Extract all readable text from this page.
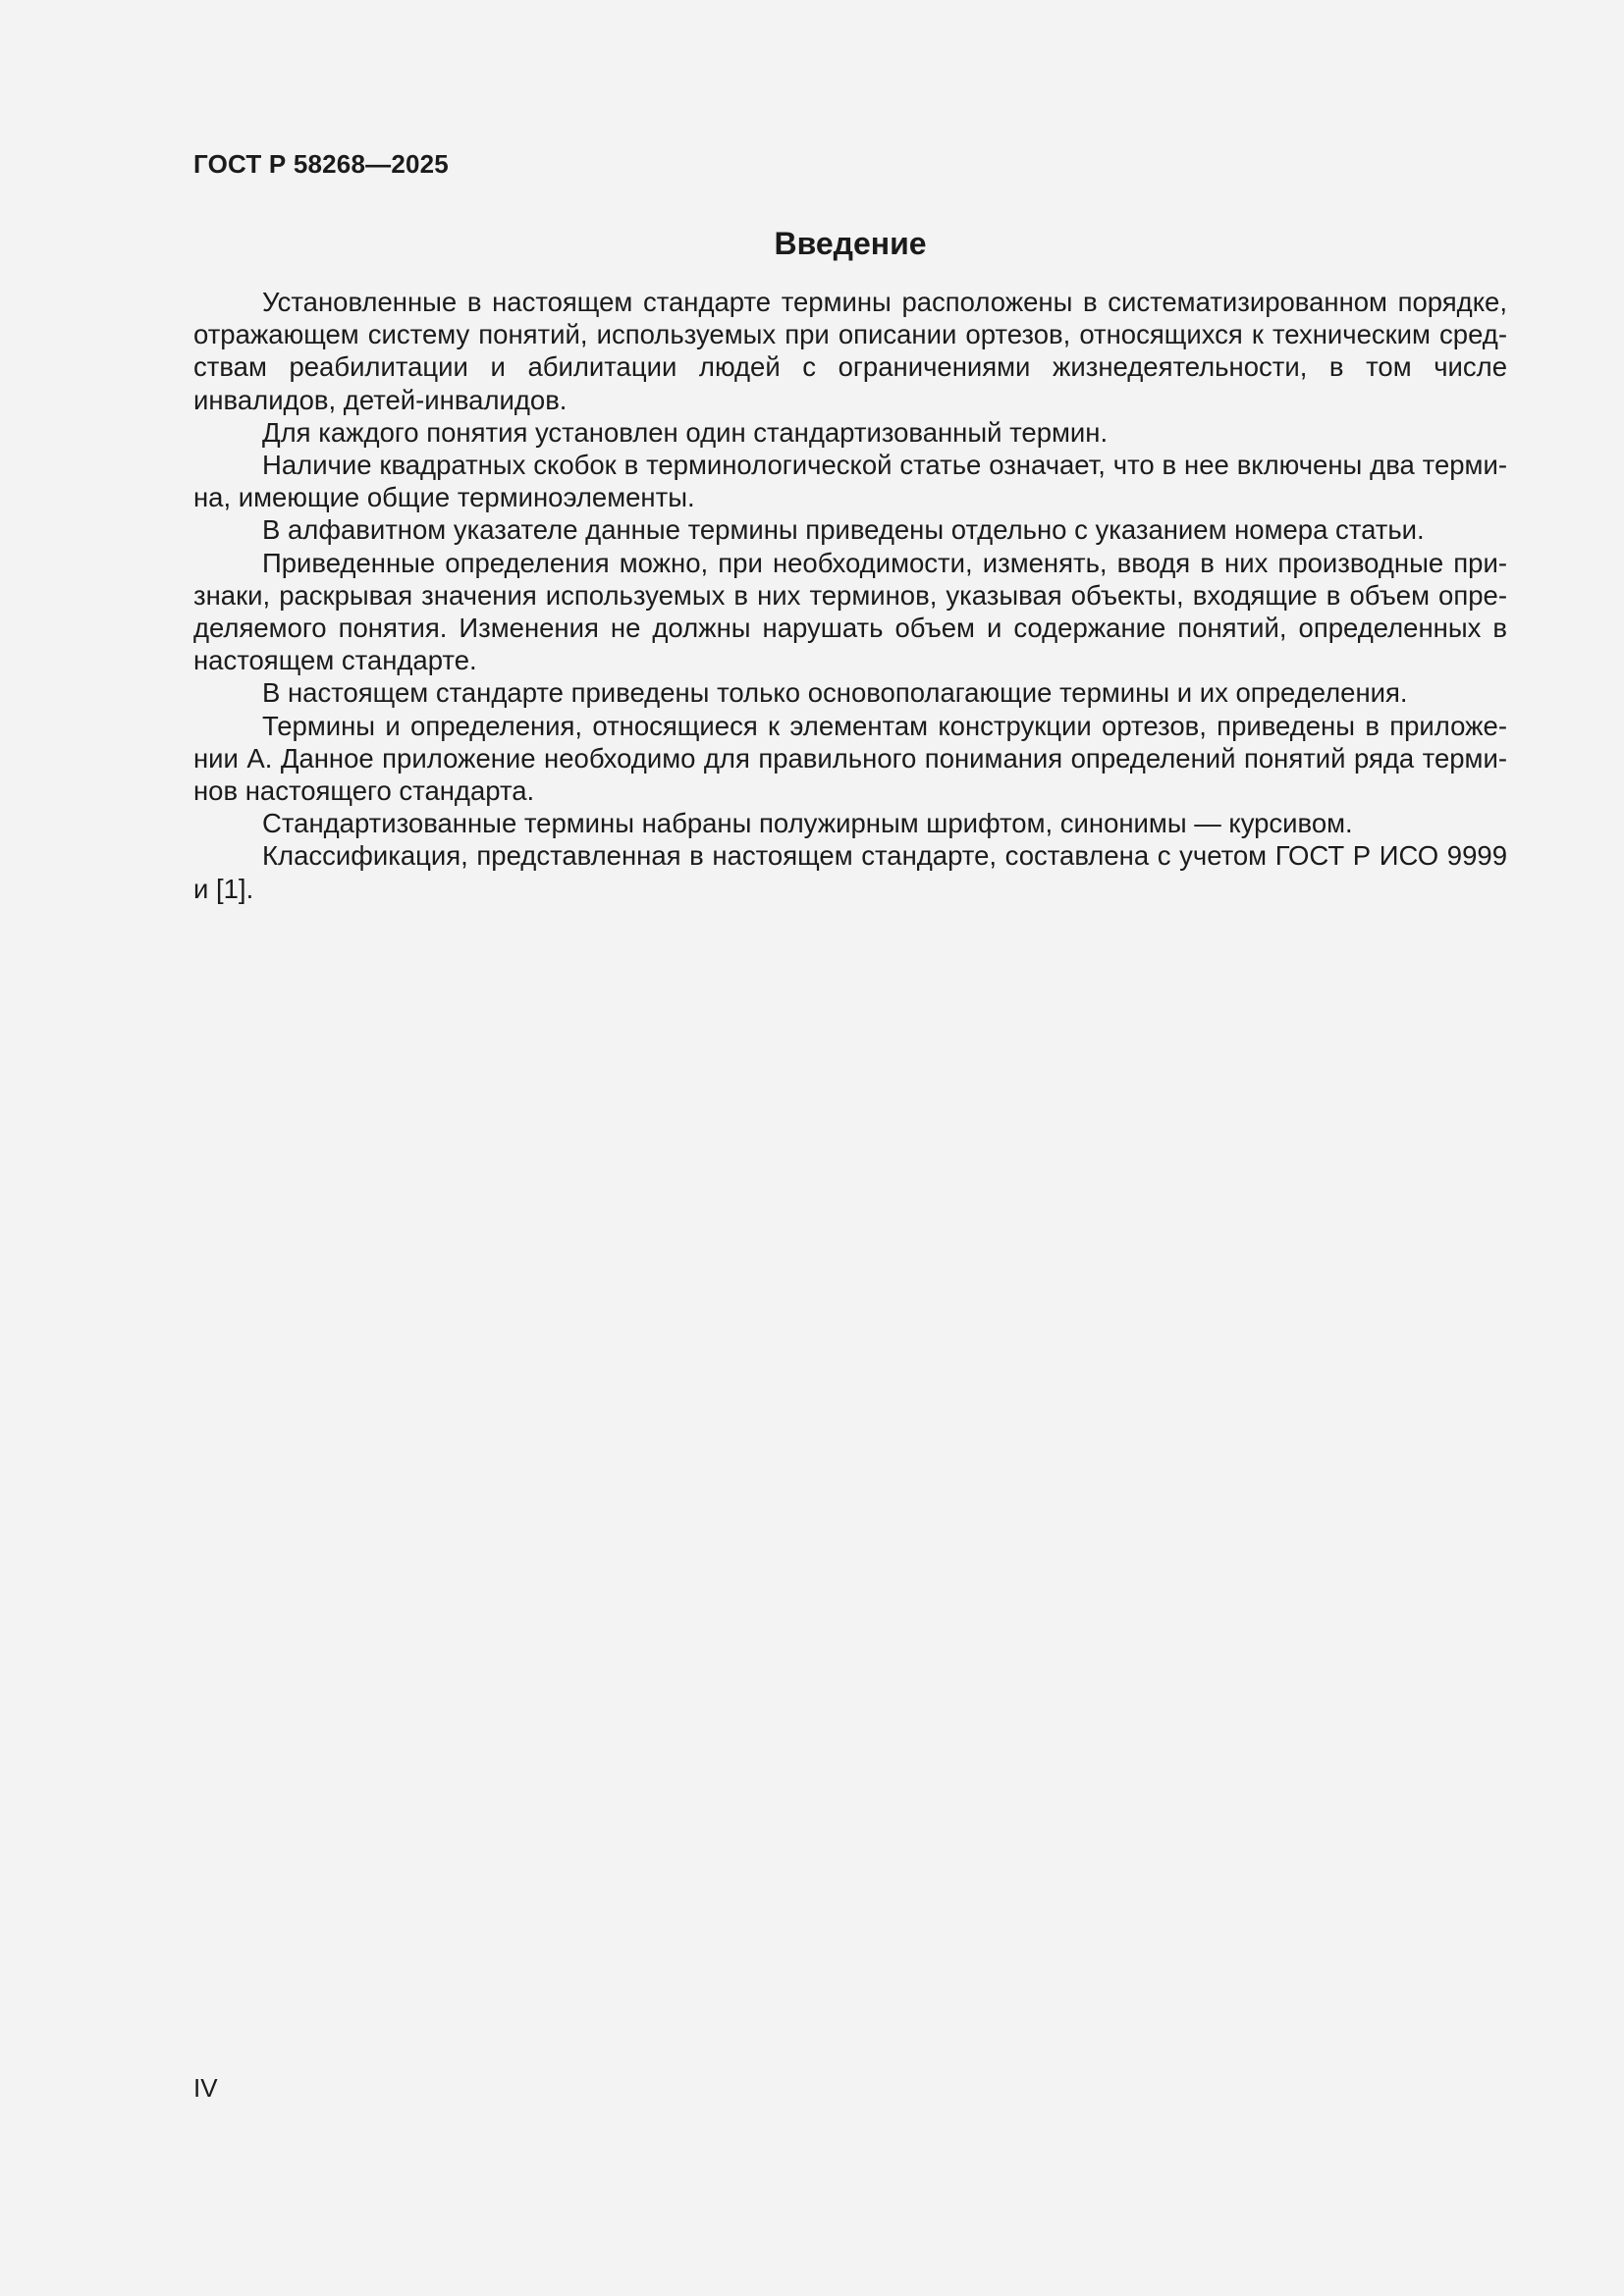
ГОСТ Р 58268—2025
Введение

Установленные в настоящем стандарте термины расположены в систематизированном порядке, отражающем систему понятий, используемых при описании ортезов, относящихся к техническим средствам реабилитации и абилитации людей с ограничениями жизнедеятельности, в том числе инвалидов, детей-инвалидов.

Для каждого понятия установлен один стандартизованный термин.

Наличие квадратных скобок в терминологической статье означает, что в нее включены два термина, имеющие общие терминоэлементы.

В алфавитном указателе данные термины приведены отдельно с указанием номера статьи.

Приведенные определения можно, при необходимости, изменять, вводя в них производные признаки, раскрывая значения используемых в них терминов, указывая объекты, входящие в объем определяемого понятия. Изменения не должны нарушать объем и содержание понятий, определенных в настоящем стандарте.

В настоящем стандарте приведены только основополагающие термины и их определения.

Термины и определения, относящиеся к элементам конструкции ортезов, приведены в приложении А. Данное приложение необходимо для правильного понимания определений понятий ряда терминов настоящего стандарта.

Стандартизованные термины набраны полужирным шрифтом, синонимы — курсивом.

Классификация, представленная в настоящем стандарте, составлена с учетом ГОСТ Р ИСО 9999 и [1].

IV
